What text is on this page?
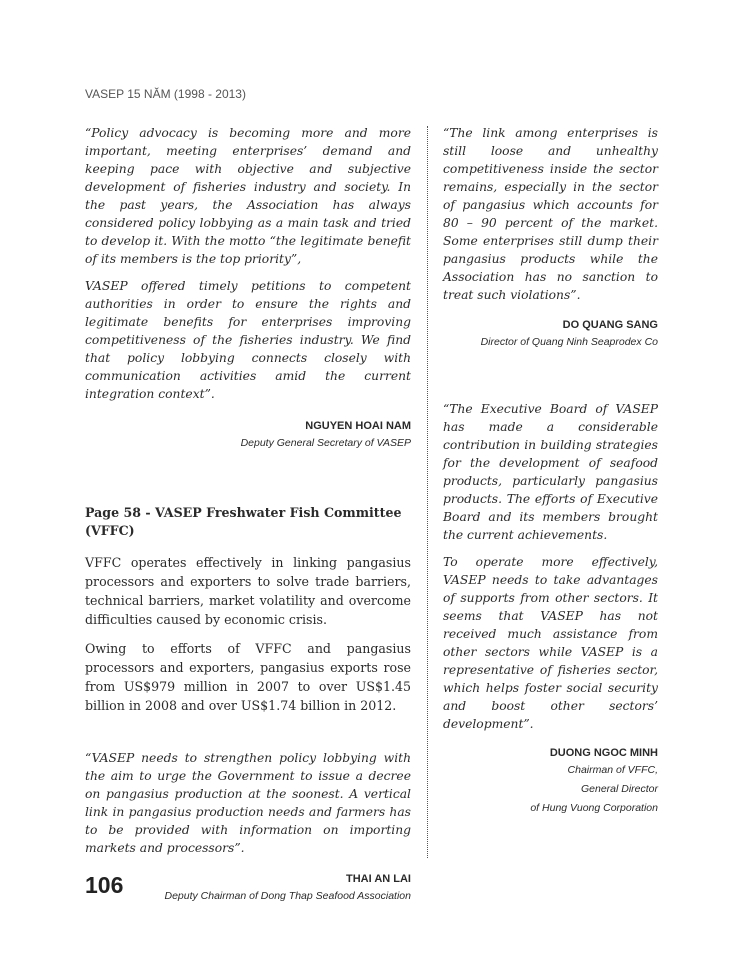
VASEP 15 NĂM (1998 - 2013)

“Policy advocacy is becoming more and more important, meeting enterprises’ demand and keeping pace with objective and subjective development of fisheries industry and society. In the past years, the Association has always considered policy lobbying as a main task and tried to develop it. With the motto “the legitimate benefit of its members is the top priority”,

VASEP offered timely petitions to competent authorities in order to ensure the rights and legitimate benefits for enterprises improving competitiveness of the fisheries industry. We find that policy lobbying connects closely with communication activities amid the current integration context”.

NGUYEN HOAI NAM

Deputy General Secretary of VASEP

Page 58 - VASEP Freshwater Fish Committee (VFFC)

VFFC operates effectively in linking pangasius processors and exporters to solve trade barriers, technical barriers, market volatility and overcome difficulties caused by economic crisis.

Owing to efforts of VFFC and pangasius processors and exporters, pangasius exports rose from US$979 million in 2007 to over US$1.45 billion in 2008 and over US$1.74 billion in 2012.

“VASEP needs to strengthen policy lobbying with the aim to urge the Government to issue a decree on pangasius production at the soonest. A vertical link in pangasius production needs and farmers has to be provided with information on importing markets and processors”.

THAI AN LAI

Deputy Chairman of Dong Thap Seafood Association

“The link among enterprises is still loose and unhealthy competitiveness inside the sector remains, especially in the sector of pangasius which accounts for 80 – 90 percent of the market. Some enterprises still dump their pangasius products while the Association has no sanction to treat such violations”.

DO QUANG SANG

Director of Quang Ninh Seaprodex Co

“The Executive Board of VASEP has made a considerable contribution in building strategies for the development of seafood products, particularly pangasius products. The efforts of Executive Board and its members brought the current achievements.

To operate more effectively, VASEP needs to take advantages of supports from other sectors. It seems that VASEP has not received much assistance from other sectors while VASEP is a representative of fisheries sector, which helps foster social security and boost other sectors’ development”.

DUONG NGOC MINH

Chairman of VFFC,

General Director

of Hung Vuong Corporation

106
